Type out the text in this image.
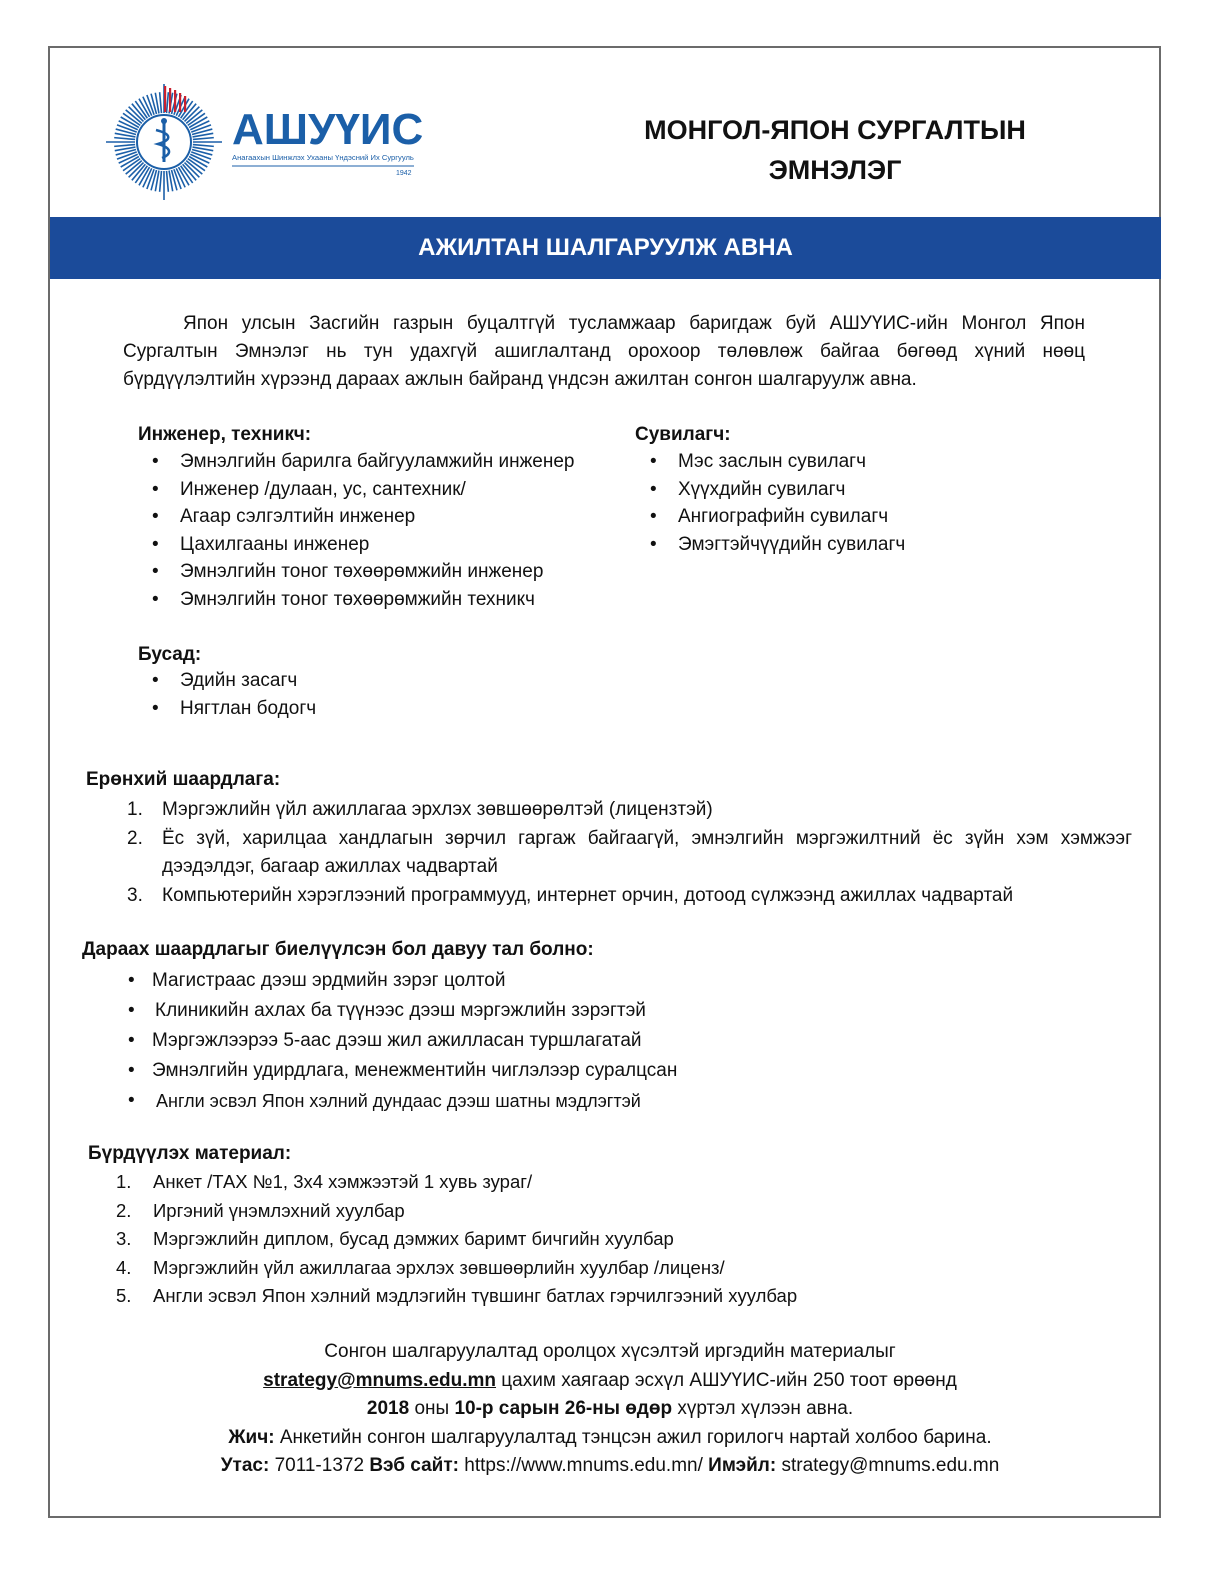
АШУҮИС
Анагаахын Шинжлэх Ухааны Үндэсний Их Сургууль
1942
МОНГОЛ-ЯПОН СУРГАЛТЫН
ЭМНЭЛЭГ
АЖИЛТАН ШАЛГАРУУЛЖ АВНА

Япон улсын Засгийн газрын буцалтгүй тусламжаар баригдаж буй АШУҮИС-ийн Монгол Япон Сургалтын Эмнэлэг нь тун удахгүй ашиглалтанд орохоор төлөвлөж байгаа бөгөөд хүний нөөц бүрдүүлэлтийн хүрээнд дараах ажлын байранд үндсэн ажилтан сонгон шалгаруулж авна.

Инженер, техникч:
• Эмнэлгийн барилга байгууламжийн инженер
• Инженер /дулаан, ус, сантехник/
• Агаар сэлгэлтийн инженер
• Цахилгааны инженер
• Эмнэлгийн тоног төхөөрөмжийн инженер
• Эмнэлгийн тоног төхөөрөмжийн техникч
Сувилагч:
• Мэс заслын сувилагч
• Хүүхдийн сувилагч
• Ангиографийн сувилагч
• Эмэгтэйчүүдийн сувилагч
Бусад:
• Эдийн засагч
• Нягтлан бодогч
Ерөнхий шаардлага:
1. Мэргэжлийн үйл ажиллагаа эрхлэх зөвшөөрөлтэй (лицензтэй)
2. Ёс зүй, харилцаа хандлагын зөрчил гаргаж байгаагүй, эмнэлгийн мэргэжилтний ёс зүйн хэм хэмжээг дээдэлдэг, багаар ажиллах чадвартай
3. Компьютерийн хэрэглээний программууд, интернет орчин, дотоод сүлжээнд ажиллах чадвартай
Дараах шаардлагыг биелүүлсэн бол давуу тал болно:
• Магистраас дээш эрдмийн зэрэг цолтой
• Клиникийн ахлах ба түүнээс дээш мэргэжлийн зэрэгтэй
• Мэргэжлээрээ 5-аас дээш жил ажилласан туршлагатай
• Эмнэлгийн удирдлага, менежментийн чиглэлээр суралцсан
• Англи эсвэл Япон хэлний дундаас дээш шатны мэдлэгтэй
Бүрдүүлэх материал:
1. Анкет /ТАХ №1, 3х4 хэмжээтэй 1 хувь зураг/
2. Иргэний үнэмлэхний хуулбар
3. Мэргэжлийн диплом, бусад дэмжих баримт бичгийн хуулбар
4. Мэргэжлийн үйл ажиллагаа эрхлэх зөвшөөрлийн хуулбар /лиценз/
5. Англи эсвэл Япон хэлний мэдлэгийн түвшинг батлах гэрчилгээний хуулбар
Сонгон шалгаруулалтад оролцох хүсэлтэй иргэдийн материалыг
strategy@mnums.edu.mn цахим хаягаар эсхүл АШУҮИС-ийн 250 тоот өрөөнд
2018 оны 10-р сарын 26-ны өдөр хүртэл хүлээн авна.
Жич: Анкетийн сонгон шалгаруулалтад тэнцсэн ажил горилогч нартай холбоо барина.
Утас: 7011-1372 Вэб сайт: https://www.mnums.edu.mn/ Имэйл: strategy@mnums.edu.mn
